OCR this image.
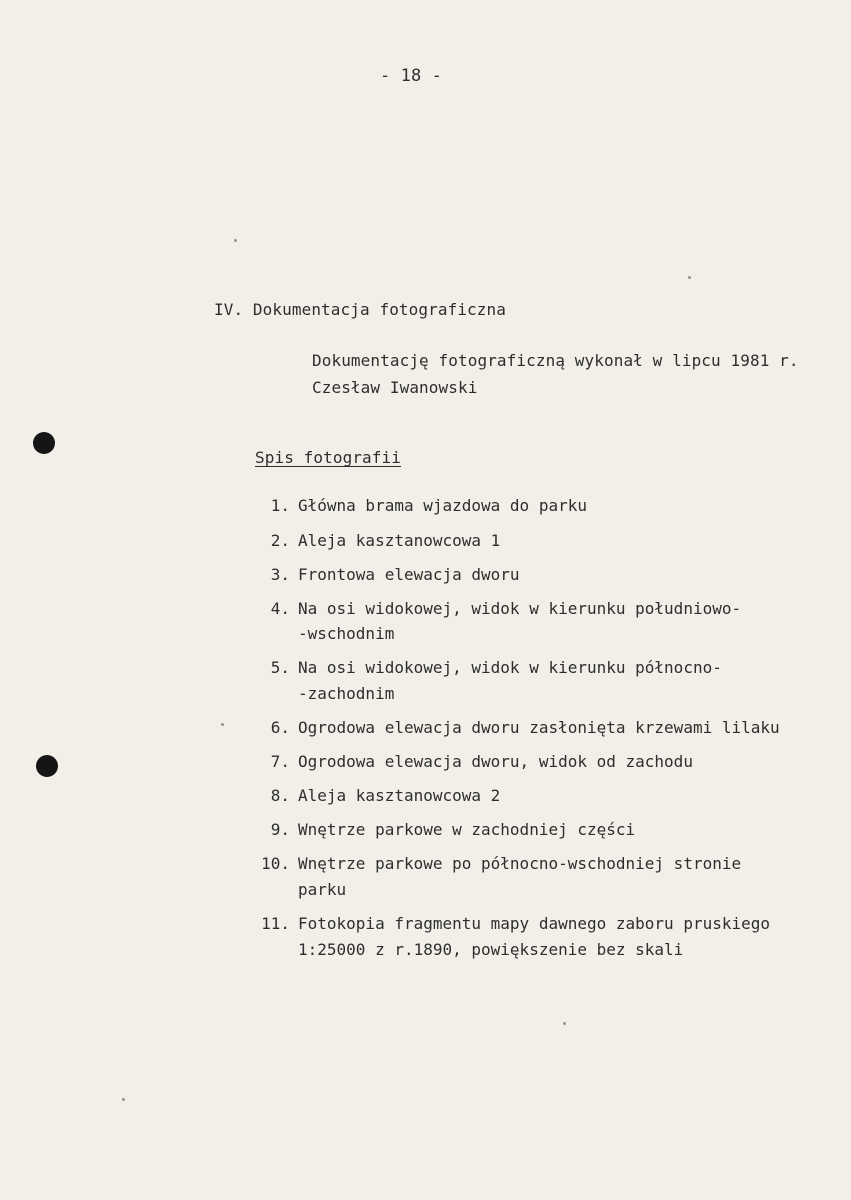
- 18 -
IV. Dokumentacja fotograficzna
Dokumentację fotograficzną wykonał w lipcu 1981 r.
Czesław Iwanowski
Spis fotografii
1. Główna brama wjazdowa do parku
2. Aleja kasztanowcowa 1
3. Frontowa elewacja dworu
4. Na osi widokowej, widok w kierunku południowo-
-wschodnim
5. Na osi widokowej, widok w kierunku północno-
-zachodnim
6. Ogrodowa elewacja dworu zasłonięta krzewami lilaku
7. Ogrodowa elewacja dworu, widok od zachodu
8. Aleja kasztanowcowa 2
9. Wnętrze parkowe w zachodniej części
10. Wnętrze parkowe po północno-wschodniej stronie
parku
11. Fotokopia fragmentu mapy dawnego zaboru pruskiego
1:25000 z r.1890, powiększenie bez skali
